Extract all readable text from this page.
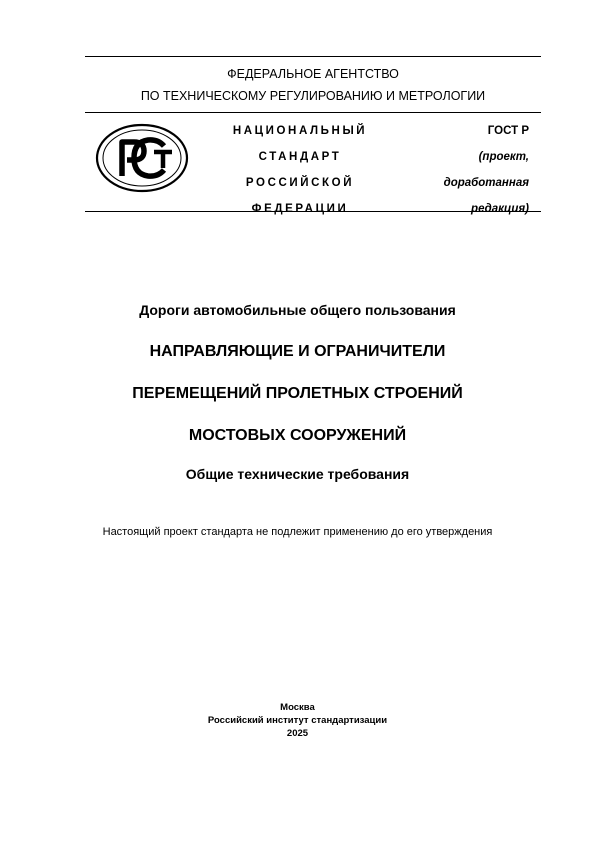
ФЕДЕРАЛЬНОЕ АГЕНТСТВО
ПО ТЕХНИЧЕСКОМУ РЕГУЛИРОВАНИЮ И МЕТРОЛОГИИ
НАЦИОНАЛЬНЫЙ
СТАНДАРТ
РОССИЙСКОЙ
ФЕДЕРАЦИИ
ГОСТ Р
(проект,
доработанная
редакция)
Дороги автомобильные общего пользования
НАПРАВЛЯЮЩИЕ И ОГРАНИЧИТЕЛИ
ПЕРЕМЕЩЕНИЙ ПРОЛЕТНЫХ СТРОЕНИЙ
МОСТОВЫХ СООРУЖЕНИЙ
Общие технические требования
Настоящий проект стандарта не подлежит применению до его утверждения
Москва
Российский институт стандартизации
2025
